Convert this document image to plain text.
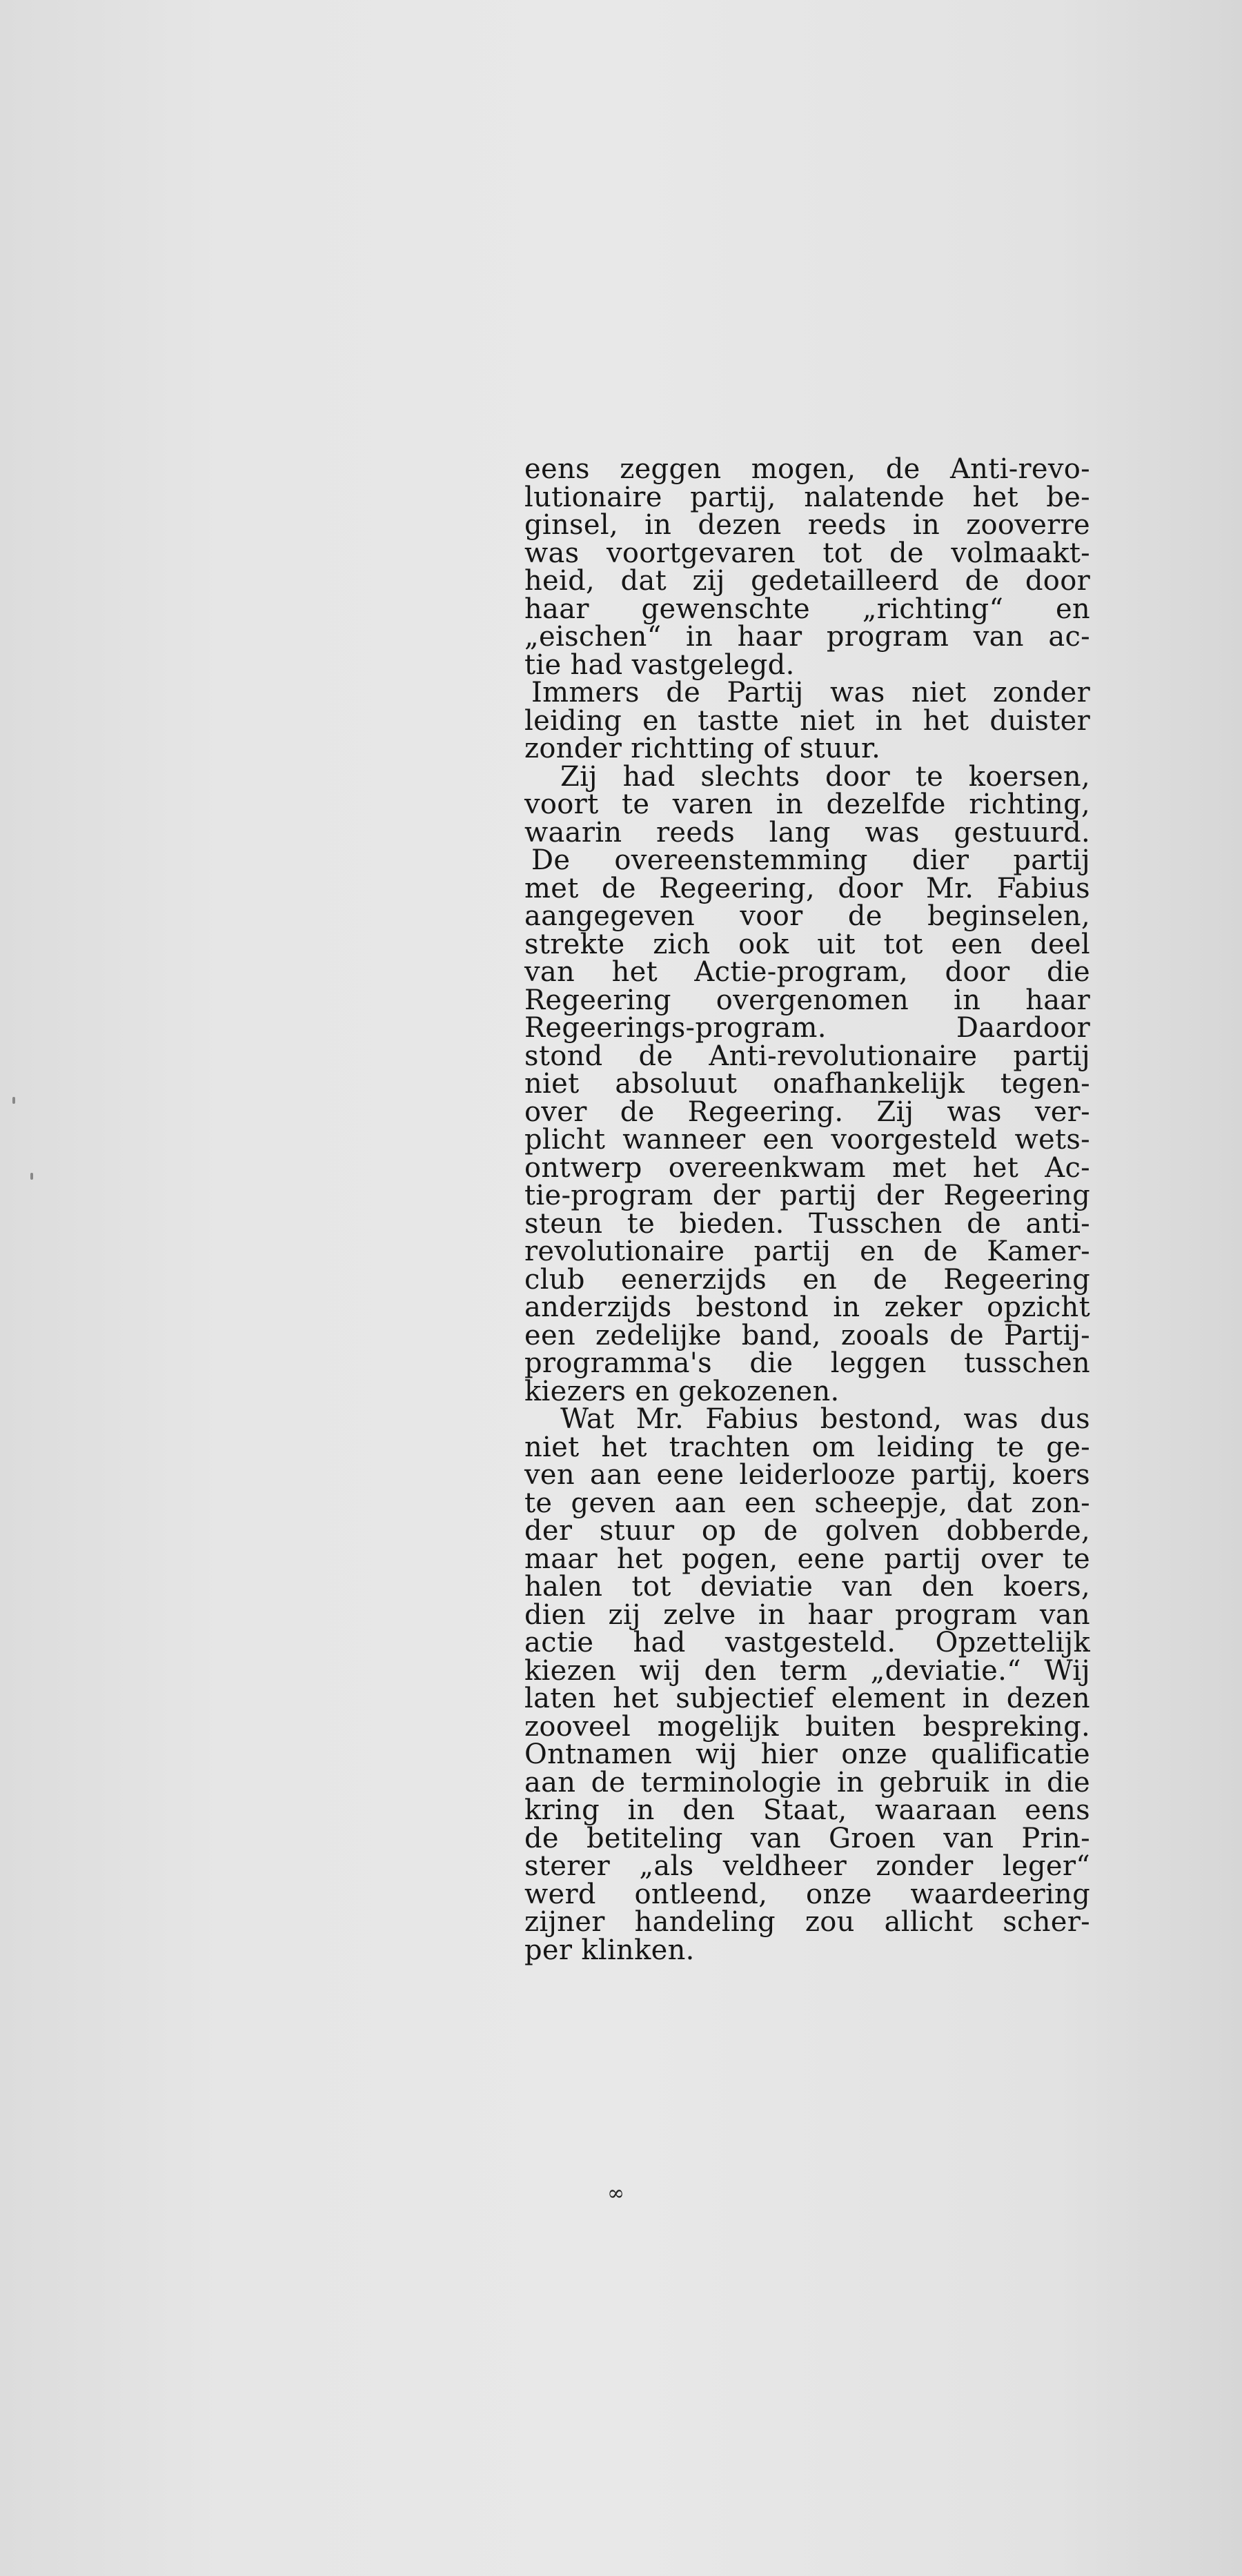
eens zeggen mogen, de Anti-revo-
lutionaire partij, nalatende het be-
ginsel, in dezen reeds in zooverre
was voortgevaren tot de volmaakt-
heid, dat zij gedetailleerd de door
haar gewenschte „richting“ en
„eischen“ in haar program van ac-
tie had vastgelegd.
Immers de Partij was niet zonder
leiding en tastte niet in het duister
zonder richtting of stuur.
Zij had slechts door te koersen,
voort te varen in dezelfde richting,
waarin reeds lang was gestuurd.
De overeenstemming dier partij
met de Regeering, door Mr. Fabius
aangegeven voor de beginselen,
strekte zich ook uit tot een deel
van het Actie-program, door die
Regeering overgenomen in haar
Regeerings-program. Daardoor
stond de Anti-revolutionaire partij
niet absoluut onafhankelijk tegen-
over de Regeering. Zij was ver-
plicht wanneer een voorgesteld wets-
ontwerp overeenkwam met het Ac-
tie-program der partij der Regeering
steun te bieden. Tusschen de anti-
revolutionaire partij en de Kamer-
club eenerzijds en de Regeering
anderzijds bestond in zeker opzicht
een zedelijke band, zooals de Partij-
programma's die leggen tusschen
kiezers en gekozenen.
Wat Mr. Fabius bestond, was dus
niet het trachten om leiding te ge-
ven aan eene leiderlooze partij, koers
te geven aan een scheepje, dat zon-
der stuur op de golven dobberde,
maar het pogen, eene partij over te
halen tot deviatie van den koers,
dien zij zelve in haar program van
actie had vastgesteld. Opzettelijk
kiezen wij den term „deviatie.“ Wij
laten het subjectief element in dezen
zooveel mogelijk buiten bespreking.
Ontnamen wij hier onze qualificatie
aan de terminologie in gebruik in die
kring in den Staat, waaraan eens
de betiteling van Groen van Prin-
sterer „als veldheer zonder leger“
werd ontleend, onze waardeering
zijner handeling zou allicht scher-
per klinken.
∞
